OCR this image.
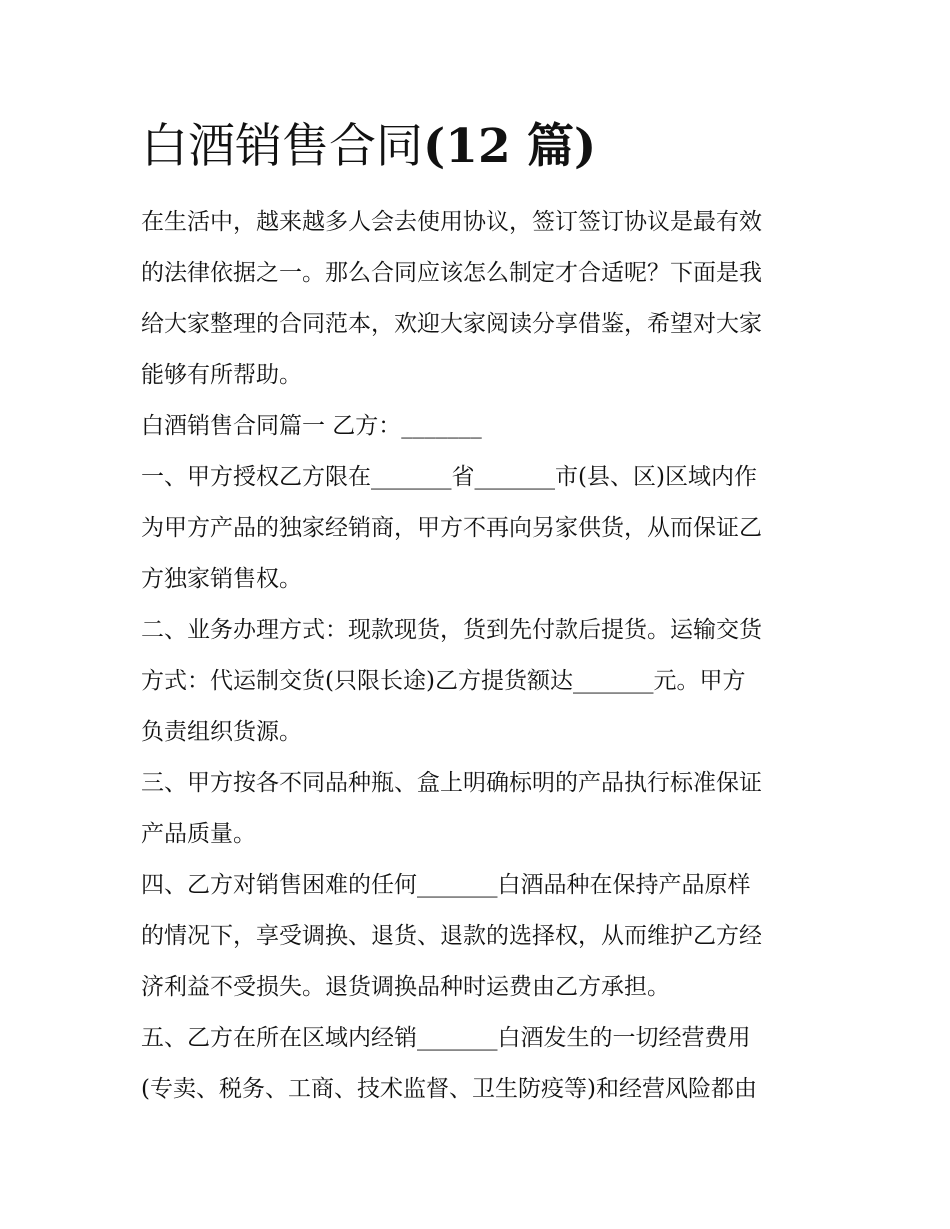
白酒销售合同(12 篇)
在生活中，越来越多人会去使用协议，签订签订协议是最有效
的法律依据之一。那么合同应该怎么制定才合适呢？下面是我
给大家整理的合同范本，欢迎大家阅读分享借鉴，希望对大家
能够有所帮助。
白酒销售合同篇一 乙方：_______
一、甲方授权乙方限在_______省_______市(县、区)区域内作
为甲方产品的独家经销商，甲方不再向另家供货，从而保证乙
方独家销售权。
二、业务办理方式：现款现货，货到先付款后提货。运输交货
方式：代运制交货(只限长途)乙方提货额达_______元。甲方
负责组织货源。
三、甲方按各不同品种瓶、盒上明确标明的产品执行标准保证
产品质量。
四、乙方对销售困难的任何_______白酒品种在保持产品原样
的情况下，享受调换、退货、退款的选择权，从而维护乙方经
济利益不受损失。退货调换品种时运费由乙方承担。
五、乙方在所在区域内经销_______白酒发生的一切经营费用
(专卖、税务、工商、技术监督、卫生防疫等)和经营风险都由
